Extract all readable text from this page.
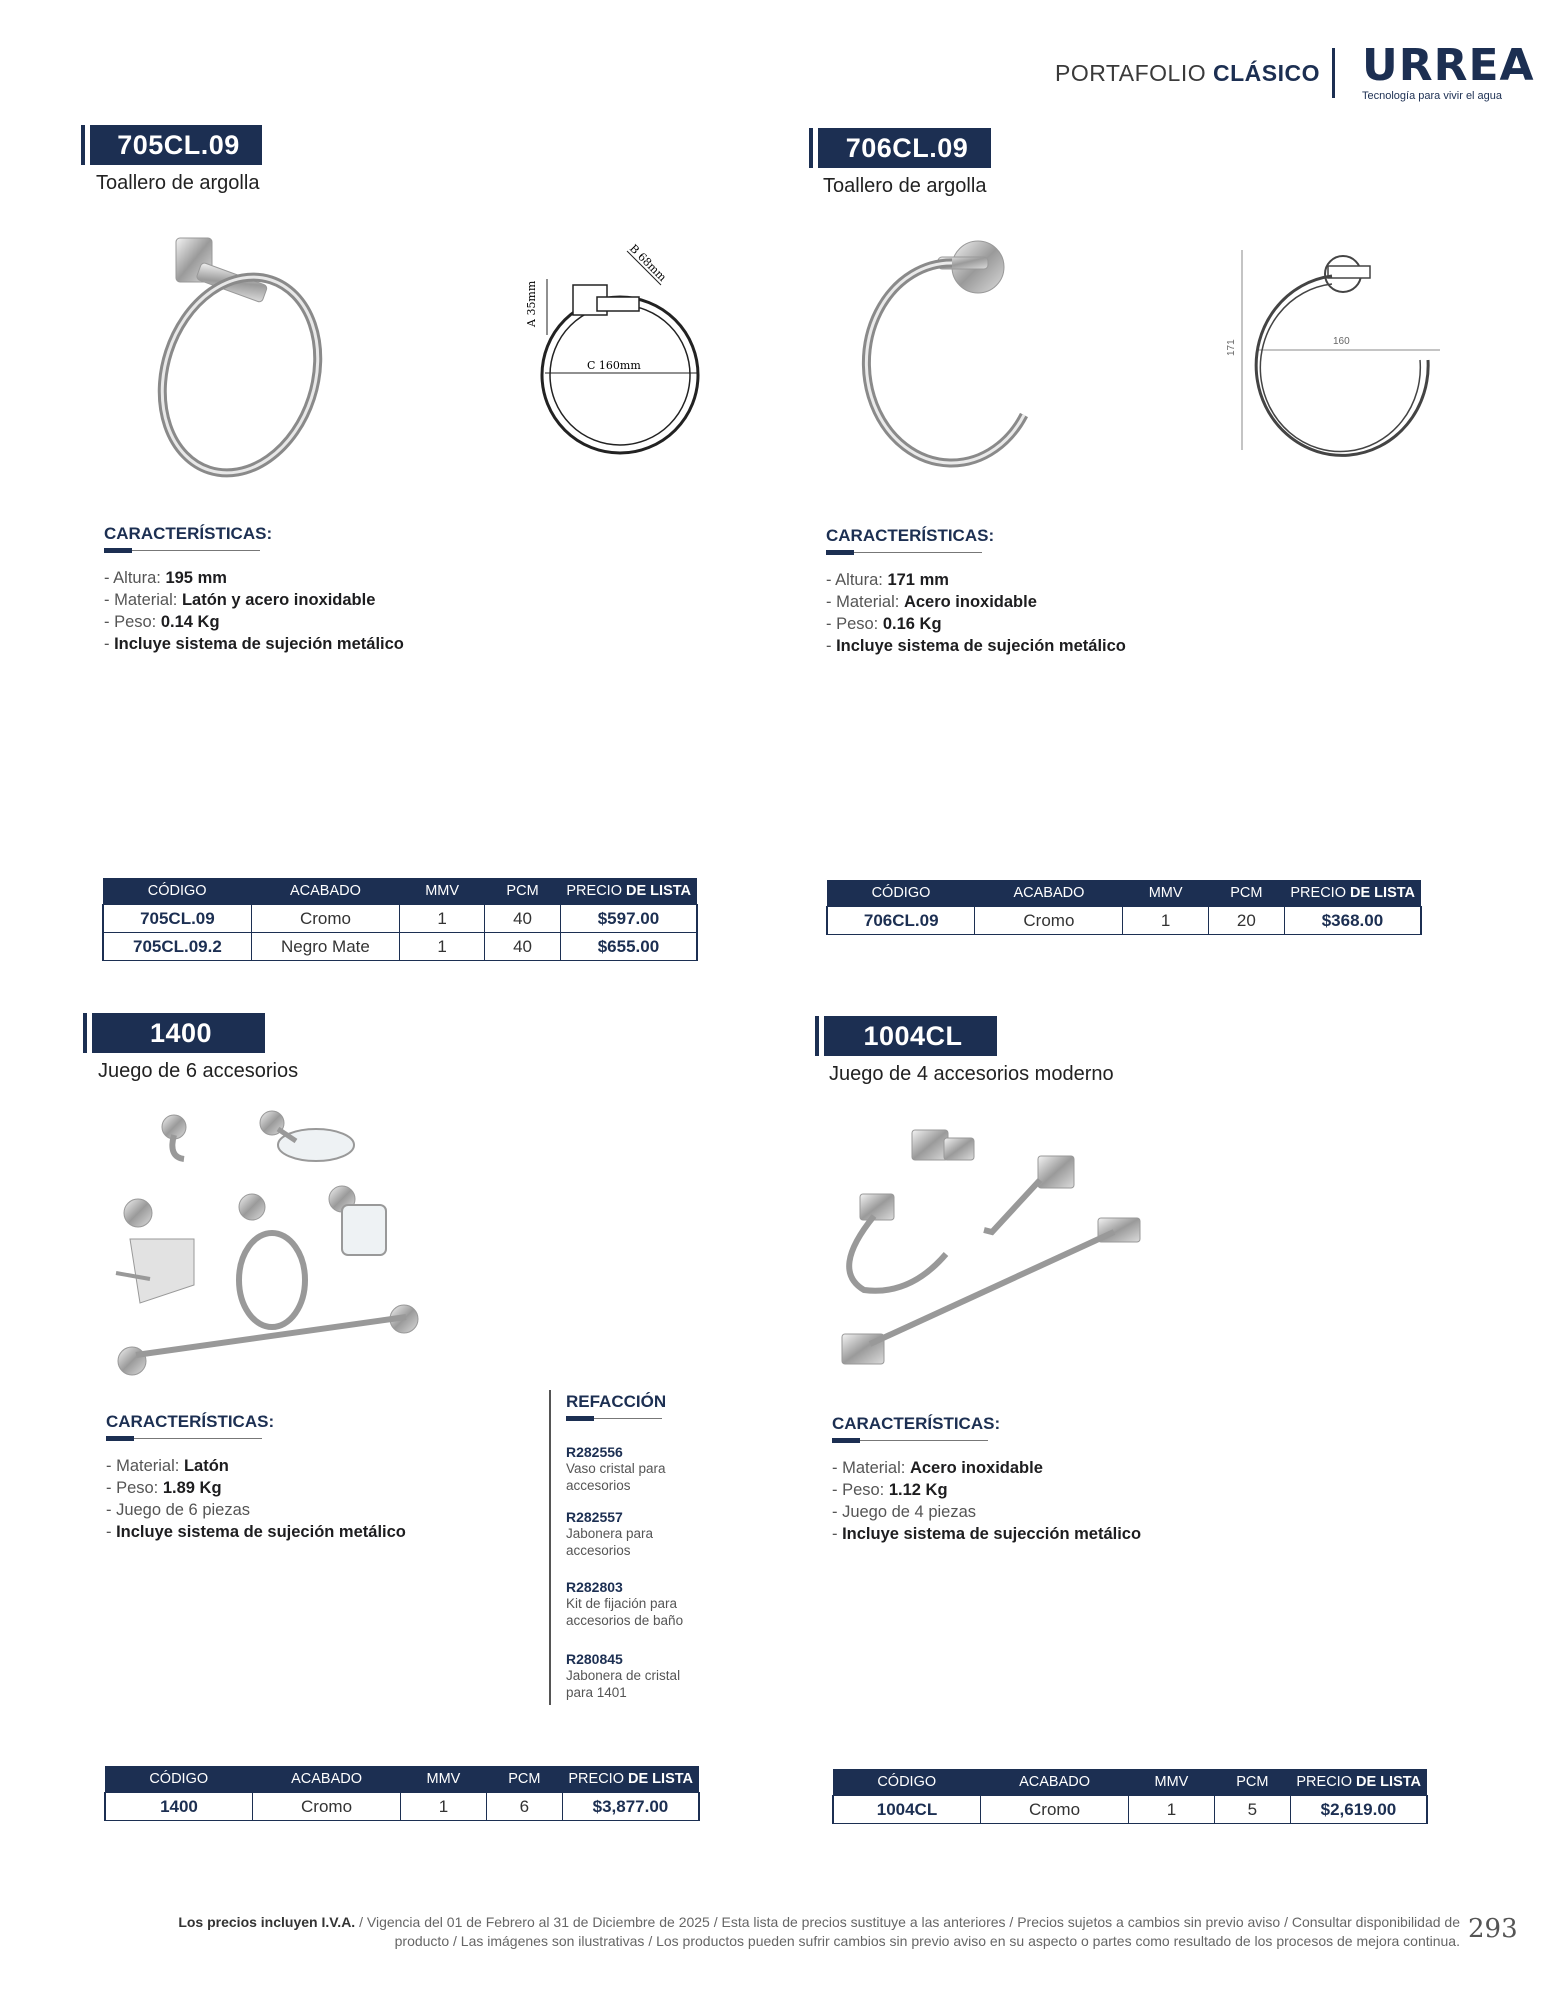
PORTAFOLIO CLÁSICO URREA
Tecnología para vivir el agua
705CL.09
Toallero de argolla
A 35mm
B 68mm
C 160mm
CARACTERÍSTICAS:
- Altura: 195 mm
- Material: Latón y acero inoxidable
- Peso: 0.14 Kg
- Incluye sistema de sujeción metálico
CÓDIGO	ACABADO	MMV	PCM	PRECIO DE LISTA
705CL.09	Cromo	1	40	$597.00
705CL.09.2	Negro Mate	1	40	$655.00
706CL.09
Toallero de argolla
160
171
CARACTERÍSTICAS:
- Altura: 171 mm
- Material: Acero inoxidable
- Peso: 0.16 Kg
- Incluye sistema de sujeción metálico
CÓDIGO	ACABADO	MMV	PCM	PRECIO DE LISTA
706CL.09	Cromo	1	20	$368.00
1400
Juego de 6 accesorios
CARACTERÍSTICAS:
- Material: Latón
- Peso: 1.89 Kg
- Juego de 6 piezas
- Incluye sistema de sujeción metálico
REFACCIÓN
R282556
Vaso cristal para
accesorios
R282557
Jabonera para
accesorios
R282803
Kit de fijación para
accesorios de baño
R280845
Jabonera de cristal
para 1401
CÓDIGO	ACABADO	MMV	PCM	PRECIO DE LISTA
1400	Cromo	1	6	$3,877.00
1004CL
Juego de 4 accesorios moderno
CARACTERÍSTICAS:
- Material: Acero inoxidable
- Peso: 1.12 Kg
- Juego de 4 piezas
- Incluye sistema de sujección metálico
CÓDIGO	ACABADO	MMV	PCM	PRECIO DE LISTA
1004CL	Cromo	1	5	$2,619.00
Los precios incluyen I.V.A. / Vigencia del 01 de Febrero al 31 de Diciembre de 2025 / Esta lista de precios sustituye a las anteriores / Precios sujetos a cambios sin previo aviso / Consultar disponibilidad de
producto / Las imágenes son ilustrativas / Los productos pueden sufrir cambios sin previo aviso en su aspecto o partes como resultado de los procesos de mejora continua. 293
